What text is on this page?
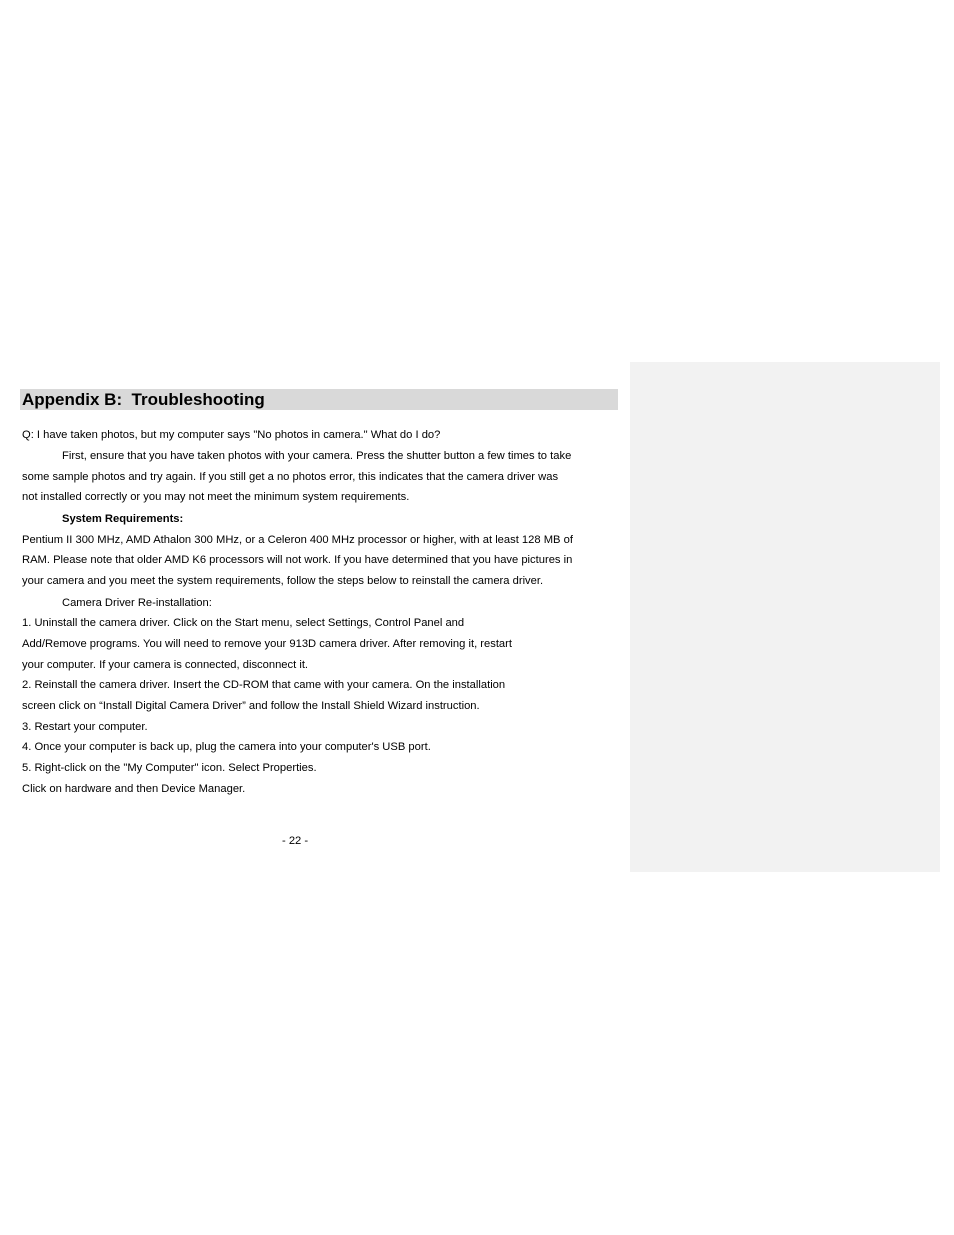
Appendix B:  Troubleshooting

Q: I have taken photos, but my computer says "No photos in camera." What do I do?

First, ensure that you have taken photos with your camera. Press the shutter button a few times to take

some sample photos and try again. If you still get a no photos error, this indicates that the camera driver was

not installed correctly or you may not meet the minimum system requirements.

System Requirements:

Pentium II 300 MHz, AMD Athalon 300 MHz, or a Celeron 400 MHz processor or higher, with at least 128 MB of

RAM. Please note that older AMD K6 processors will not work. If you have determined that you have pictures in

your camera and you meet the system requirements, follow the steps below to reinstall the camera driver.

Camera Driver Re-installation:

1. Uninstall the camera driver. Click on the Start menu, select Settings, Control Panel and

Add/Remove programs. You will need to remove your 913D camera driver. After removing it, restart

your computer. If your camera is connected, disconnect it.

2. Reinstall the camera driver. Insert the CD-ROM that came with your camera. On the installation

screen click on “Install Digital Camera Driver” and follow the Install Shield Wizard instruction.

3. Restart your computer.

4. Once your computer is back up, plug the camera into your computer's USB port.

5. Right-click on the "My Computer" icon. Select Properties.

Click on hardware and then Device Manager.

- 22 -
